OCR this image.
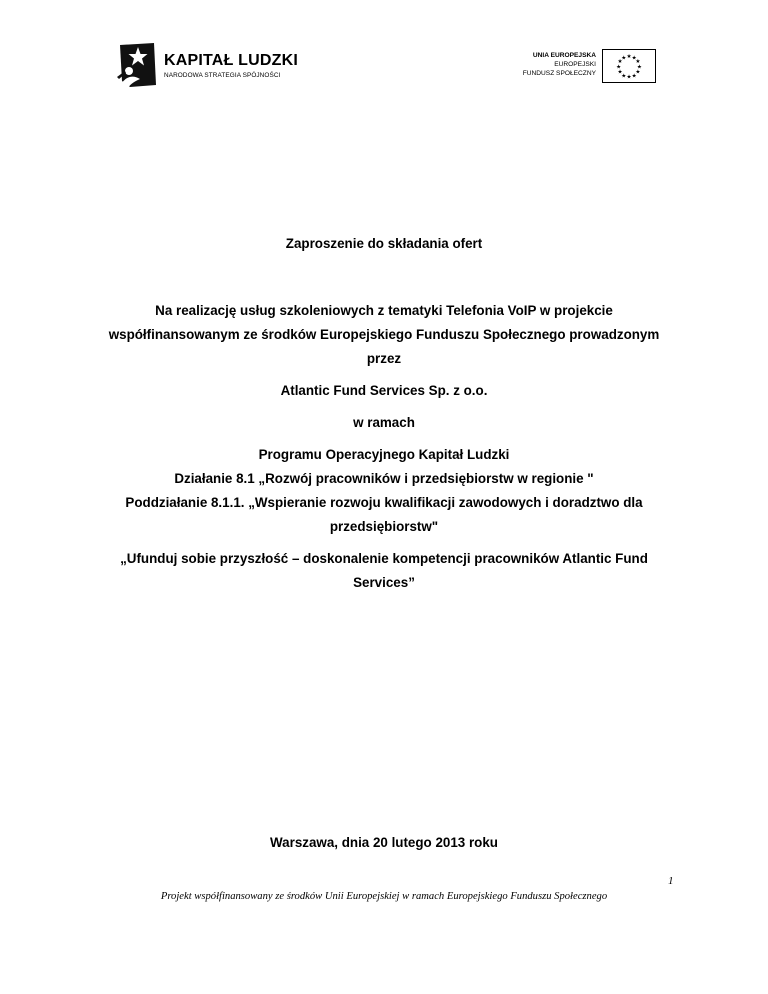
KAPITAŁ LUDZKI
NARODOWA STRATEGIA SPÓJNOŚCI
UNIA EUROPEJSKA
EUROPEJSKI
FUNDUSZ SPOŁECZNY
★ ★
★
★
★
★
★
★
★
★
★
★
Zaproszenie do składania ofert
Na realizację usług szkoleniowych z tematyki Telefonia VoIP w projekcie
współfinansowanym ze środków Europejskiego Funduszu Społecznego prowadzonym
przez
Atlantic Fund Services Sp. z o.o.
w ramach
Programu Operacyjnego Kapitał Ludzki
Działanie 8.1 „Rozwój pracowników i przedsiębiorstw w regionie "
Poddziałanie 8.1.1. „Wspieranie rozwoju kwalifikacji zawodowych i doradztwo dla
przedsiębiorstw"
„Ufunduj sobie przyszłość – doskonalenie kompetencji pracowników Atlantic Fund
Services”
Warszawa, dnia 20 lutego 2013 roku
1
Projekt współfinansowany ze środków Unii Europejskiej w ramach Europejskiego Funduszu Społecznego
